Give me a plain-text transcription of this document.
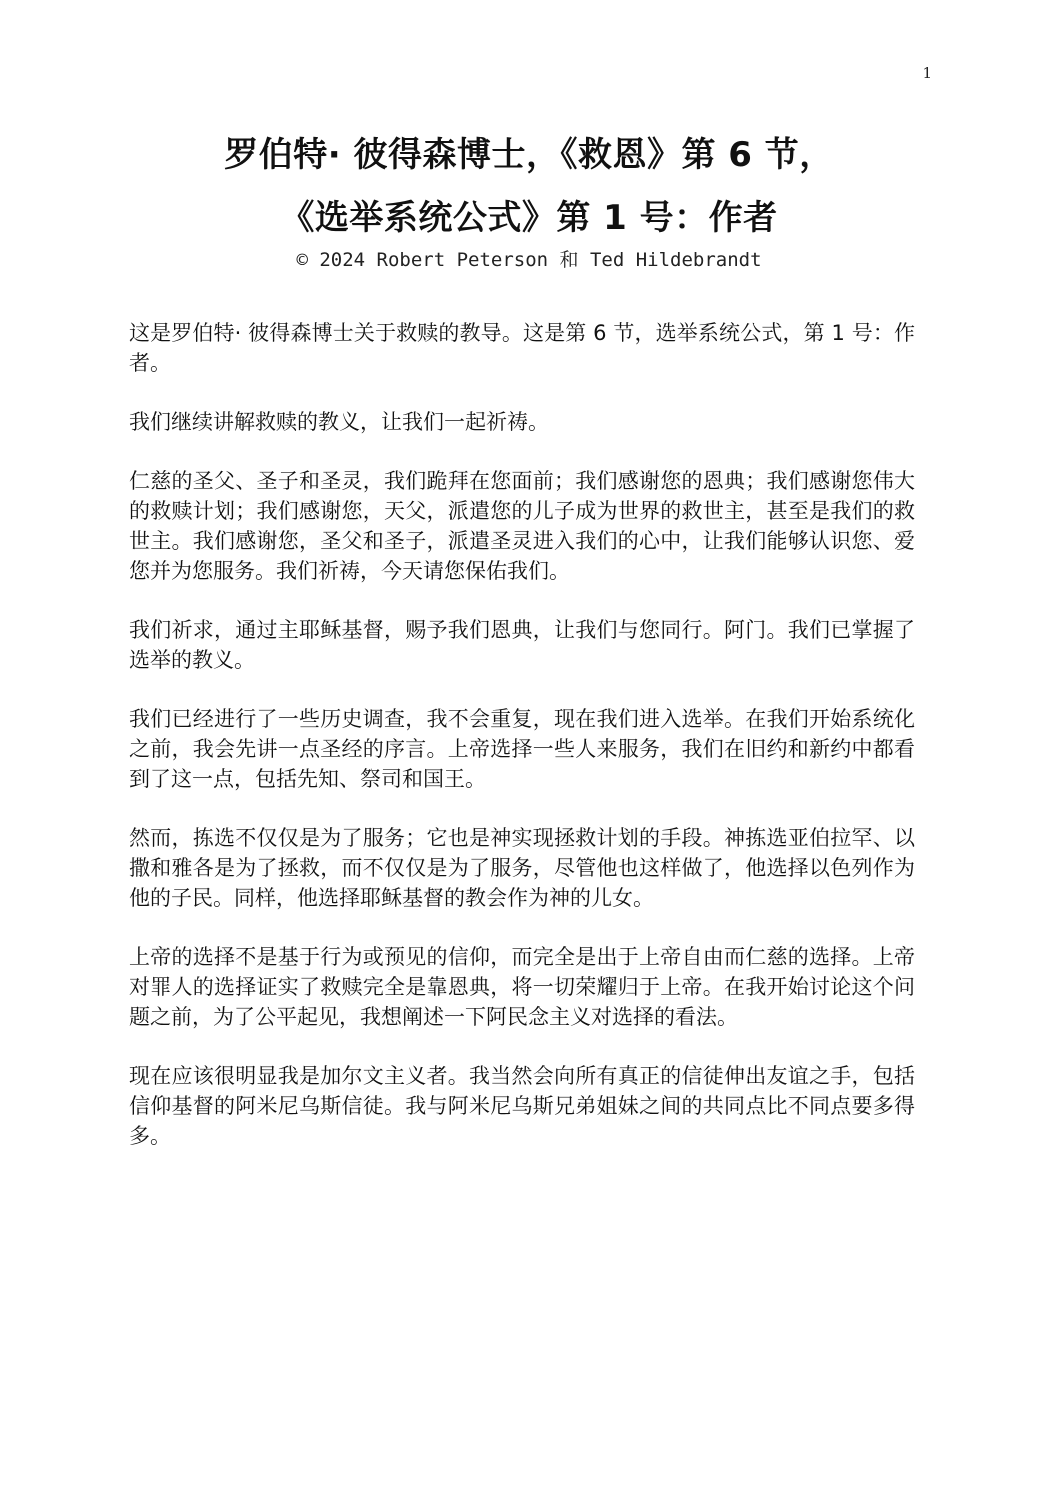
1
罗伯特· 彼得森博士，《救恩》第 6 节，
《选举系统公式》第 1 号：作者
© 2024 Robert Peterson 和 Ted Hildebrandt

这是罗伯特· 彼得森博士关于救赎的教导。这是第 6 节，选举系统公式，第 1 号：作者。

我们继续讲解救赎的教义，让我们一起祈祷。

仁慈的圣父、圣子和圣灵，我们跪拜在您面前；我们感谢您的恩典；我们感谢您伟大的救赎计划；我们感谢您，天父，派遣您的儿子成为世界的救世主，甚至是我们的救世主。我们感谢您，圣父和圣子，派遣圣灵进入我们的心中，让我们能够认识您、爱您并为您服务。我们祈祷，今天请您保佑我们。

我们祈求，通过主耶稣基督，赐予我们恩典，让我们与您同行。阿门。我们已掌握了选举的教义。

我们已经进行了一些历史调查，我不会重复，现在我们进入选举。在我们开始系统化之前，我会先讲一点圣经的序言。上帝选择一些人来服务，我们在旧约和新约中都看到了这一点，包括先知、祭司和国王。

然而，拣选不仅仅是为了服务；它也是神实现拯救计划的手段。神拣选亚伯拉罕、以撒和雅各是为了拯救，而不仅仅是为了服务，尽管他也这样做了，他选择以色列作为他的子民。同样，他选择耶稣基督的教会作为神的儿女。

上帝的选择不是基于行为或预见的信仰，而完全是出于上帝自由而仁慈的选择。上帝对罪人的选择证实了救赎完全是靠恩典，将一切荣耀归于上帝。在我开始讨论这个问题之前，为了公平起见，我想阐述一下阿民念主义对选择的看法。

现在应该很明显我是加尔文主义者。我当然会向所有真正的信徒伸出友谊之手，包括信仰基督的阿米尼乌斯信徒。我与阿米尼乌斯兄弟姐妹之间的共同点比不同点要多得多。
